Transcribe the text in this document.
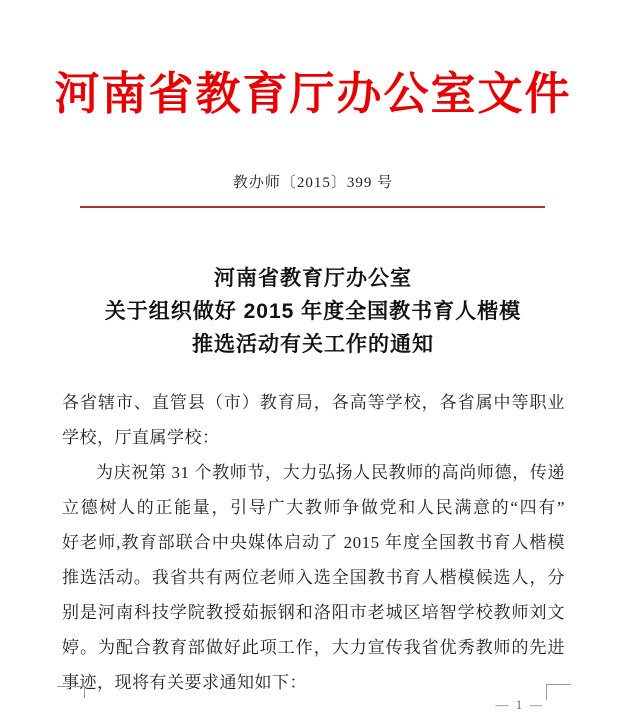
河南省教育厅办公室文件
教办师〔2015〕399 号
河南省教育厅办公室
关于组织做好 2015 年度全国教书育人楷模
推选活动有关工作的通知
各省辖市、直管县（市）教育局，各高等学校，各省属中等职业
学校，厅直属学校：
为庆祝第 31 个教师节，大力弘扬人民教师的高尚师德，传递
立德树人的正能量，引导广大教师争做党和人民满意的“四有”
好老师,教育部联合中央媒体启动了 2015 年度全国教书育人楷模
推选活动。我省共有两位老师入选全国教书育人楷模候选人，分
别是河南科技学院教授茹振钢和洛阳市老城区培智学校教师刘文
婷。为配合教育部做好此项工作，大力宣传我省优秀教师的先进
事迹，现将有关要求通知如下：
— 1 —
